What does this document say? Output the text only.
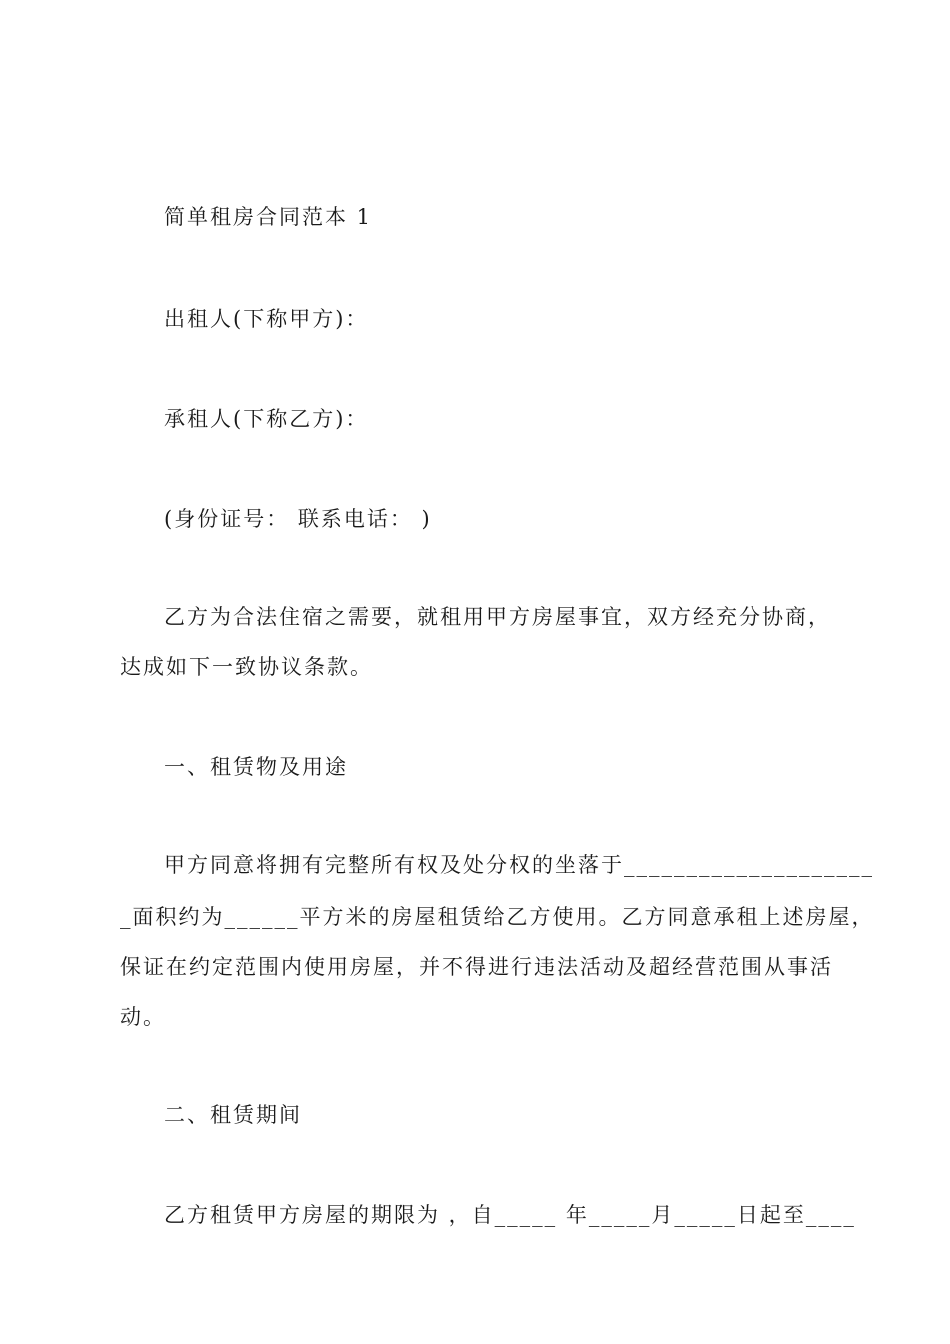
简单租房合同范本 1
出租人(下称甲方)：
承租人(下称乙方)：
(身份证号： 联系电话： )
乙方为合法住宿之需要，就租用甲方房屋事宜，双方经充分协商，
达成如下一致协议条款。
一、租赁物及用途
甲方同意将拥有完整所有权及处分权的坐落于____________________
_面积约为______平方米的房屋租赁给乙方使用。乙方同意承租上述房屋，
保证在约定范围内使用房屋，并不得进行违法活动及超经营范围从事活
动。
二、租赁期间
乙方租赁甲方房屋的期限为 ，自_____ 年_____月_____日起至____
